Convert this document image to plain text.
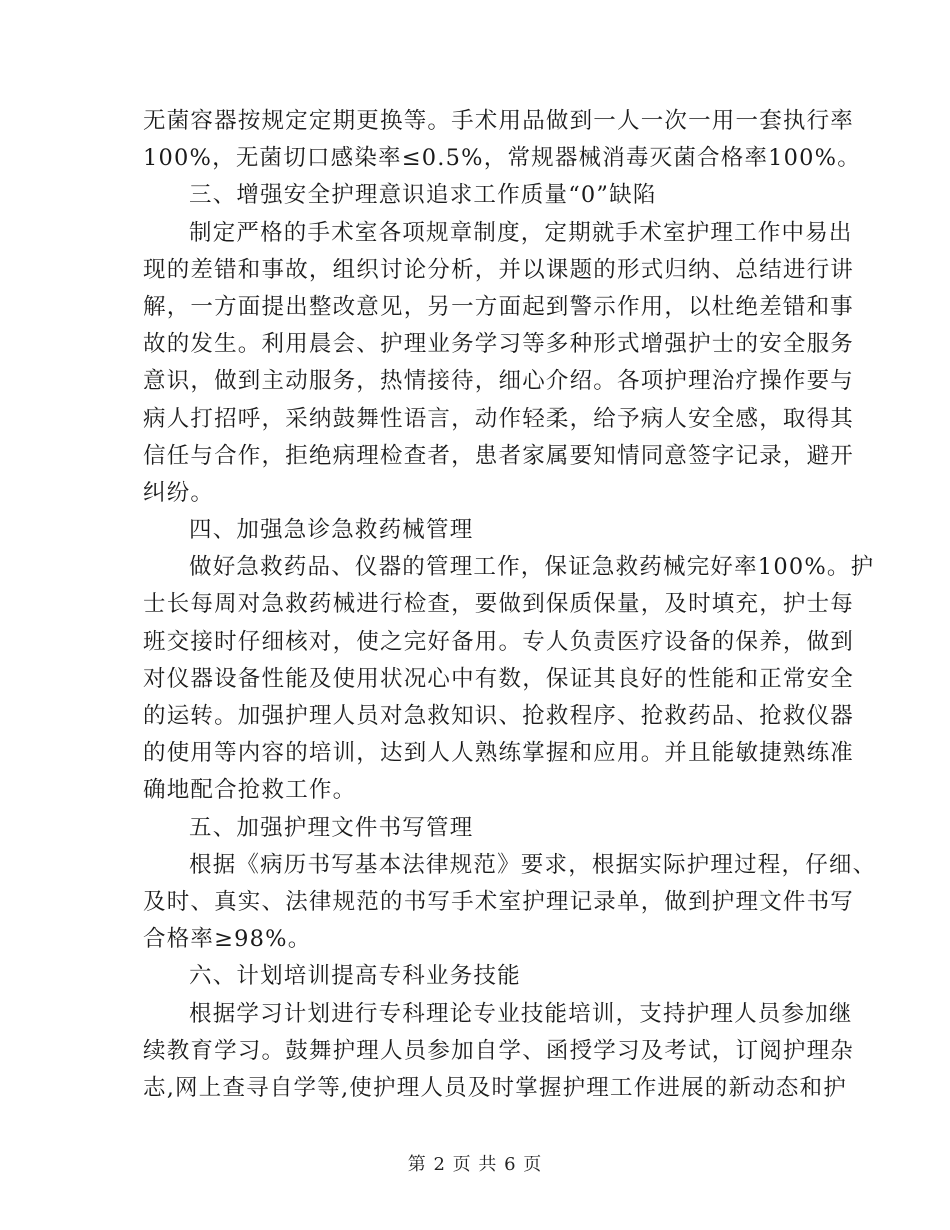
无菌容器按规定定期更换等。手术用品做到一人一次一用一套执行率
100%，无菌切口感染率≤0.5%，常规器械消毒灭菌合格率100%。
三、增强安全护理意识追求工作质量“0”缺陷
制定严格的手术室各项规章制度，定期就手术室护理工作中易出
现的差错和事故，组织讨论分析，并以课题的形式归纳、总结进行讲
解，一方面提出整改意见，另一方面起到警示作用，以杜绝差错和事
故的发生。利用晨会、护理业务学习等多种形式增强护士的安全服务
意识，做到主动服务，热情接待，细心介绍。各项护理治疗操作要与
病人打招呼，采纳鼓舞性语言，动作轻柔，给予病人安全感，取得其
信任与合作，拒绝病理检查者，患者家属要知情同意签字记录，避开
纠纷。
四、加强急诊急救药械管理
做好急救药品、仪器的管理工作，保证急救药械完好率100%。护
士长每周对急救药械进行检查，要做到保质保量，及时填充，护士每
班交接时仔细核对，使之完好备用。专人负责医疗设备的保养，做到
对仪器设备性能及使用状况心中有数，保证其良好的性能和正常安全
的运转。加强护理人员对急救知识、抢救程序、抢救药品、抢救仪器
的使用等内容的培训，达到人人熟练掌握和应用。并且能敏捷熟练准
确地配合抢救工作。
五、加强护理文件书写管理
根据《病历书写基本法律规范》要求，根据实际护理过程，仔细、
及时、真实、法律规范的书写手术室护理记录单，做到护理文件书写
合格率≥98%。
六、计划培训提高专科业务技能
根据学习计划进行专科理论专业技能培训，支持护理人员参加继
续教育学习。鼓舞护理人员参加自学、函授学习及考试，订阅护理杂
志,网上查寻自学等,使护理人员及时掌握护理工作进展的新动态和护
第 2 页 共 6 页
